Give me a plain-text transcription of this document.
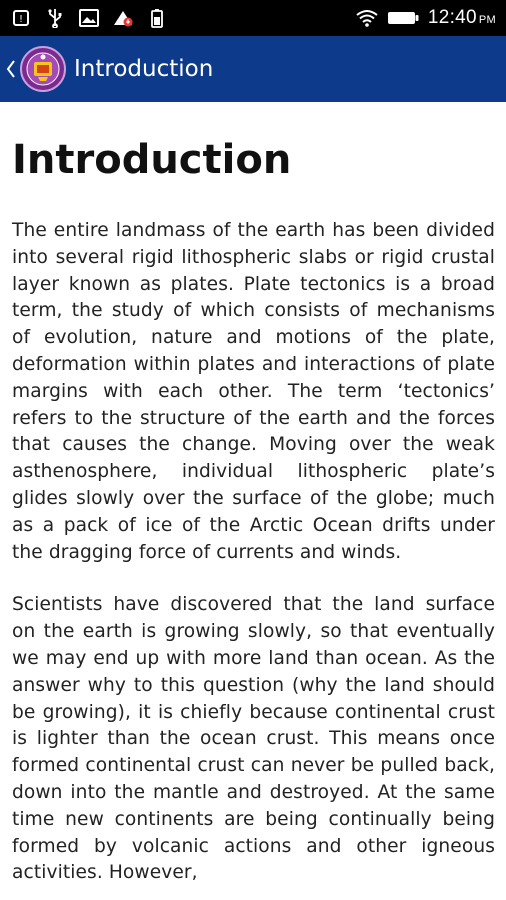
!	12:40 PM
Introduction
Introduction

The entire landmass of the earth has been divided into several rigid lithospheric slabs or rigid crustal layer known as plates. Plate tectonics is a broad term, the study of which consists of mechanisms of evolution, nature and motions of the plate, deformation within plates and interactions of plate margins with each other. The term ‘tectonics’ refers to the structure of the earth and the forces that causes the change. Moving over the weak asthenosphere, individual lithospheric plate’s glides slowly over the surface of the globe; much as a pack of ice of the Arctic Ocean drifts under the dragging force of currents and winds.

Scientists have discovered that the land surface on the earth is growing slowly, so that eventually we may end up with more land than ocean. As the answer why to this question (why the land should be growing), it is chiefly because continental crust is lighter than the ocean crust. This means once formed continental crust can never be pulled back, down into the mantle and destroyed. At the same time new continents are being continually being formed by volcanic actions and other igneous activities. However,
